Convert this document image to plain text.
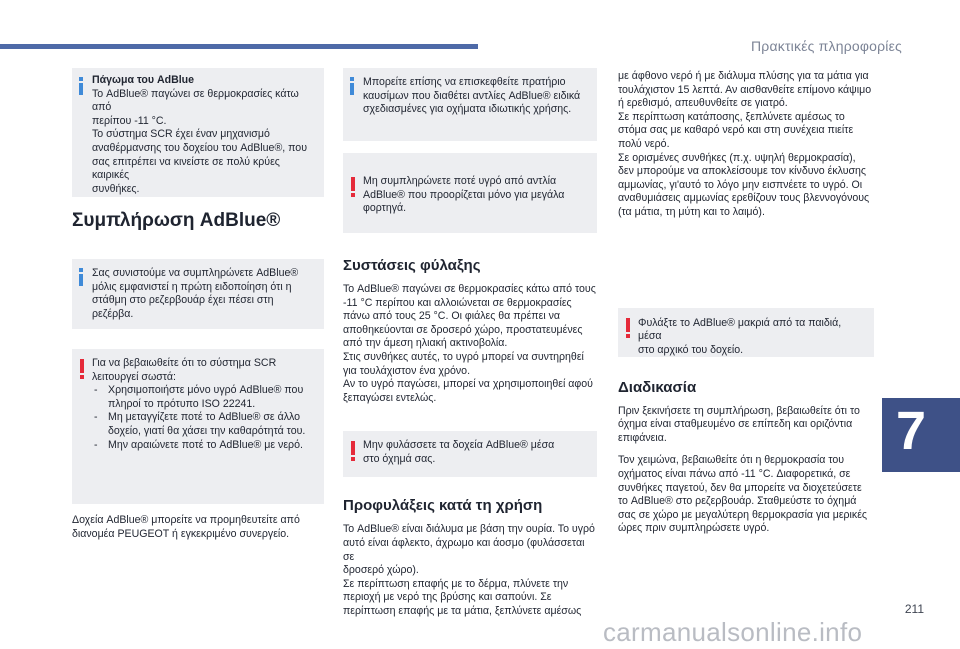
Πρακτικές πληροφορίες
Πάγωμα του AdBlue
Το AdBlue® παγώνει σε θερμοκρασίες κάτω από
περίπου -11 °C.
Το σύστημα SCR έχει έναν μηχανισμό
αναθέρμανσης του δοχείου του AdBlue®, που
σας επιτρέπει να κινείστε σε πολύ κρύες καιρικές
συνθήκες.
Συμπλήρωση AdBlue®
Σας συνιστούμε να συμπληρώνετε AdBlue®
μόλις εμφανιστεί η πρώτη ειδοποίηση ότι η
στάθμη στο ρεζερβουάρ έχει πέσει στη ρεζέρβα.
Για να βεβαιωθείτε ότι το σύστημα SCR
λειτουργεί σωστά:
- Χρησιμοποιήστε μόνο υγρό AdBlue® που
πληροί το πρότυπο ISO 22241.
- Μη μεταγγίζετε ποτέ το AdBlue® σε άλλο
δοχείο, γιατί θα χάσει την καθαρότητά του.
- Μην αραιώνετε ποτέ το AdBlue® με νερό.
Δοχεία AdBlue® μπορείτε να προμηθευτείτε από
διανομέα PEUGEOT ή εγκεκριμένο συνεργείο.
Μπορείτε επίσης να επισκεφθείτε πρατήριο
καυσίμων που διαθέτει αντλίες AdBlue® ειδικά
σχεδιασμένες για οχήματα ιδιωτικής χρήσης.
Μη συμπληρώνετε ποτέ υγρό από αντλία
AdBlue® που προορίζεται μόνο για μεγάλα
φορτηγά.
Συστάσεις φύλαξης
Το AdBlue® παγώνει σε θερμοκρασίες κάτω από τους
-11 °C περίπου και αλλοιώνεται σε θερμοκρασίες
πάνω από τους 25 °C. Οι φιάλες θα πρέπει να
αποθηκεύονται σε δροσερό χώρο, προστατευμένες
από την άμεση ηλιακή ακτινοβολία.
Στις συνθήκες αυτές, το υγρό μπορεί να συντηρηθεί
για τουλάχιστον ένα χρόνο.
Αν το υγρό παγώσει, μπορεί να χρησιμοποιηθεί αφού
ξεπαγώσει εντελώς.
Μην φυλάσσετε τα δοχεία AdBlue® μέσα
στο όχημά σας.
Προφυλάξεις κατά τη χρήση
Το AdBlue® είναι διάλυμα με βάση την ουρία. Το υγρό
αυτό είναι άφλεκτο, άχρωμο και άοσμο (φυλάσσεται σε
δροσερό χώρο).
Σε περίπτωση επαφής με το δέρμα, πλύνετε την
περιοχή με νερό της βρύσης και σαπούνι. Σε
περίπτωση επαφής με τα μάτια, ξεπλύνετε αμέσως
με άφθονο νερό ή με διάλυμα πλύσης για τα μάτια για
τουλάχιστον 15 λεπτά. Αν αισθανθείτε επίμονο κάψιμο
ή ερεθισμό, απευθυνθείτε σε γιατρό.
Σε περίπτωση κατάποσης, ξεπλύνετε αμέσως το
στόμα σας με καθαρό νερό και στη συνέχεια πιείτε
πολύ νερό.
Σε ορισμένες συνθήκες (π.χ. υψηλή θερμοκρασία),
δεν μπορούμε να αποκλείσουμε τον κίνδυνο έκλυσης
αμμωνίας, γι'αυτό το λόγο μην εισπνέετε το υγρό. Οι
αναθυμιάσεις αμμωνίας ερεθίζουν τους βλεννογόνους
(τα μάτια, τη μύτη και το λαιμό).
Φυλάξτε το AdBlue® μακριά από τα παιδιά, μέσα
στο αρχικό του δοχείο.
Διαδικασία
Πριν ξεκινήσετε τη συμπλήρωση, βεβαιωθείτε ότι το
όχημα είναι σταθμευμένο σε επίπεδη και οριζόντια
επιφάνεια.
Τον χειμώνα, βεβαιωθείτε ότι η θερμοκρασία του
οχήματος είναι πάνω από -11 °C. Διαφορετικά, σε
συνθήκες παγετού, δεν θα μπορείτε να διοχετεύσετε
το AdBlue® στο ρεζερβουάρ. Σταθμεύστε το όχημά
σας σε χώρο με μεγαλύτερη θερμοκρασία για μερικές
ώρες πριν συμπληρώσετε υγρό.
7
211
carmanualsonline.info
